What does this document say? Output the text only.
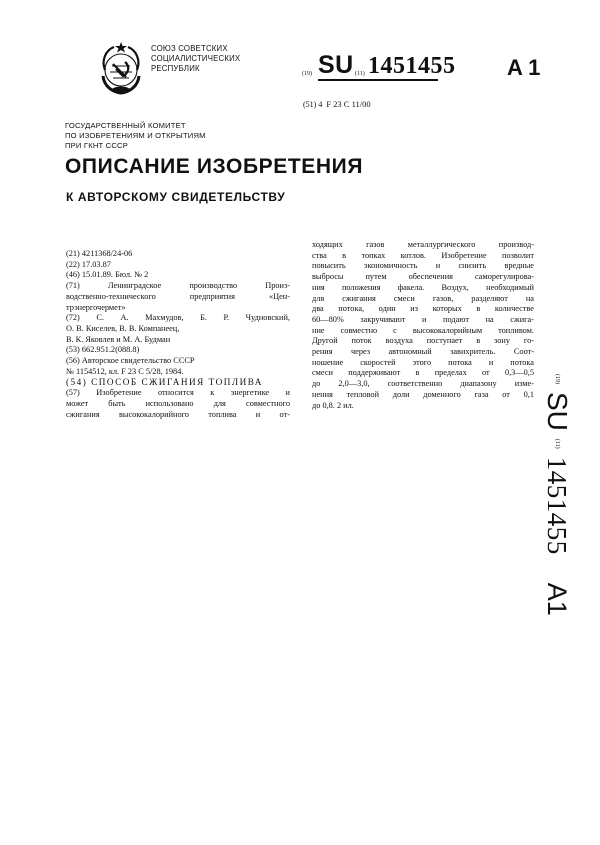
СОЮЗ СОВЕТСКИХ
СОЦИАЛИСТИЧЕСКИХ
РЕСПУБЛИК
(19) SU (11) 1451455 A 1
(51) 4 F 23 C 11/00
ГОСУДАРСТВЕННЫЙ КОМИТЕТ
ПО ИЗОБРЕТЕНИЯМ И ОТКРЫТИЯМ
ПРИ ГКНТ СССР
ОПИСАНИЕ ИЗОБРЕТЕНИЯ
К АВТОРСКОМУ СВИДЕТЕЛЬСТВУ
(21) 4211368/24-06
(22) 17.03.87
(46) 15.01.89. Бюл. № 2
(71) Ленинградское производство Произ-
водственно-технического предприятия «Цен-
трэнергочермет»
(72) С. А. Махмудов, Б. Р. Чудновский,
О. В. Киселев, В. В. Компанеец,
В. К. Яковлев и М. А. Будман
(53) 662.951.2(088.8)
(56) Авторское свидетельство СССР
№ 1154512, кл. F 23 C 5/28, 1984.
(54) СПОСОБ СЖИГАНИЯ ТОПЛИВА
(57) Изобретение относится к энергетике и
может быть использовано для совместного
сжигания высококалорийного топлива и от-
ходящих газов металлургического производ-
ства в топках котлов. Изобретение позволит
повысить экономичность и снизить вредные
выбросы путем обеспечения саморегулирова-
ния положения факела. Воздух, необходимый
для сжигания смеси газов, разделяют на
два потока, один из которых в количестве
60—80% закручивают и подают на сжига-
ние совместно с высококалорийным топливом.
Другой поток воздуха поступает в зону го-
рения через автономный завихритель. Соот-
ношение скоростей этого потока и потока
смеси поддерживают в пределах от 0,3—0,5
до 2,0—3,0, соответственно диапазону изме-
нения тепловой доли доменного газа от 0,1
до 0,8. 2 ил.
(19) SU (11) 1451455 A1
